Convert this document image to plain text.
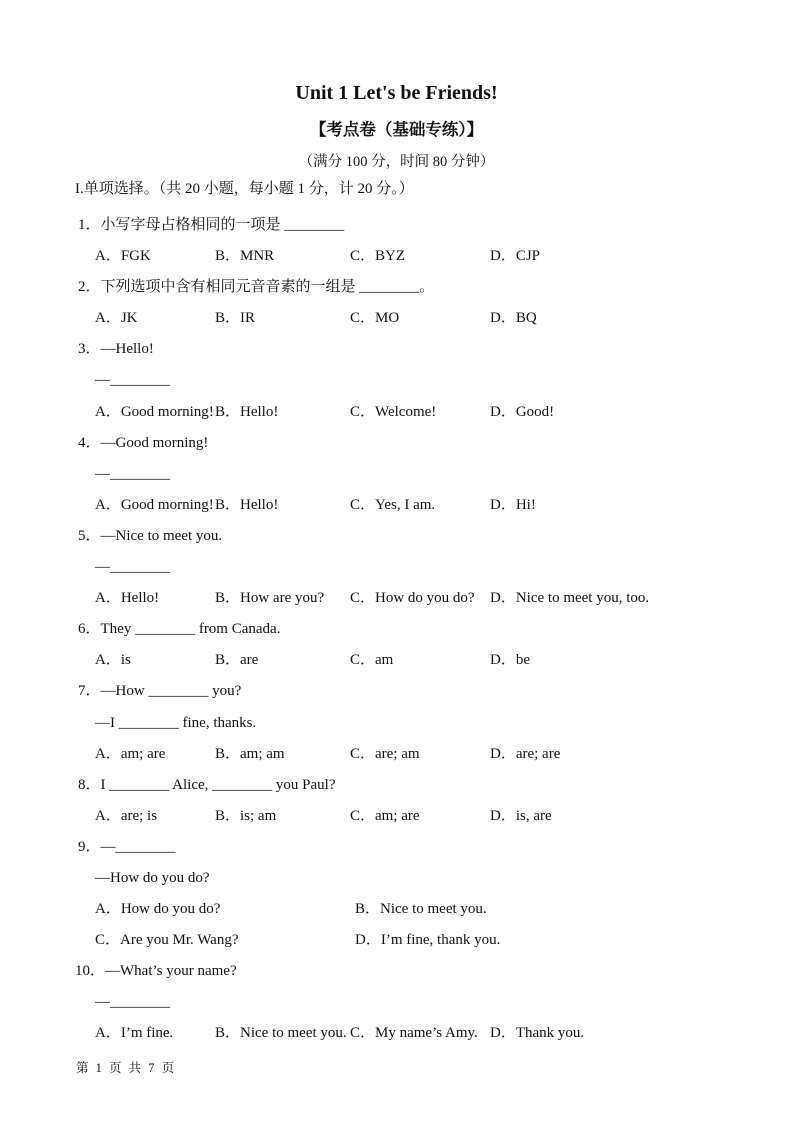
Unit 1 Let's be Friends!
【考点卷（基础专练）】
（满分 100 分，时间 80 分钟）
I.单项选择。（共 20 小题，每小题 1 分，计 20 分。）
1．小写字母占格相同的一项是 ________

A．FGK

	B．MNR

	C．BYZ

	D．CJP

2．下列选项中含有相同元音音素的一组是 ________。

A．JK

	B．IR

	C．MO

	D．BQ

3．—Hello!
—________

A．Good morning!

B．Hello!

	C．Welcome!

	D．Good!

4．—Good morning!
—________

A．Good morning!

B．Hello!

	C．Yes, I am.

	D．Hi!

5．—Nice to meet you.
—________

A．Hello!

	B．How are you?

C．How do you do?

D．Nice to meet you, too.

6．They ________ from Canada.

A．is

	B．are

	C．am

	D．be

7．—How ________ you?
—I ________ fine, thanks.

A．am; are

	B．am; am

	C．are; am

	D．are; are

8．I ________ Alice, ________ you Paul?

A．are; is

	B．is; am

	C．am; are

	D．is, are

9．—________
—How do you do?

A．How do you do?

	B．Nice to meet you.

C．Are you Mr. Wang?

	D．I’m fine, thank you.

10．—What’s your name?
—________

A．I’m fine.

	B．Nice to meet you.

C．My name’s Amy.

D．Thank you.

第 1 页 共 7 页
